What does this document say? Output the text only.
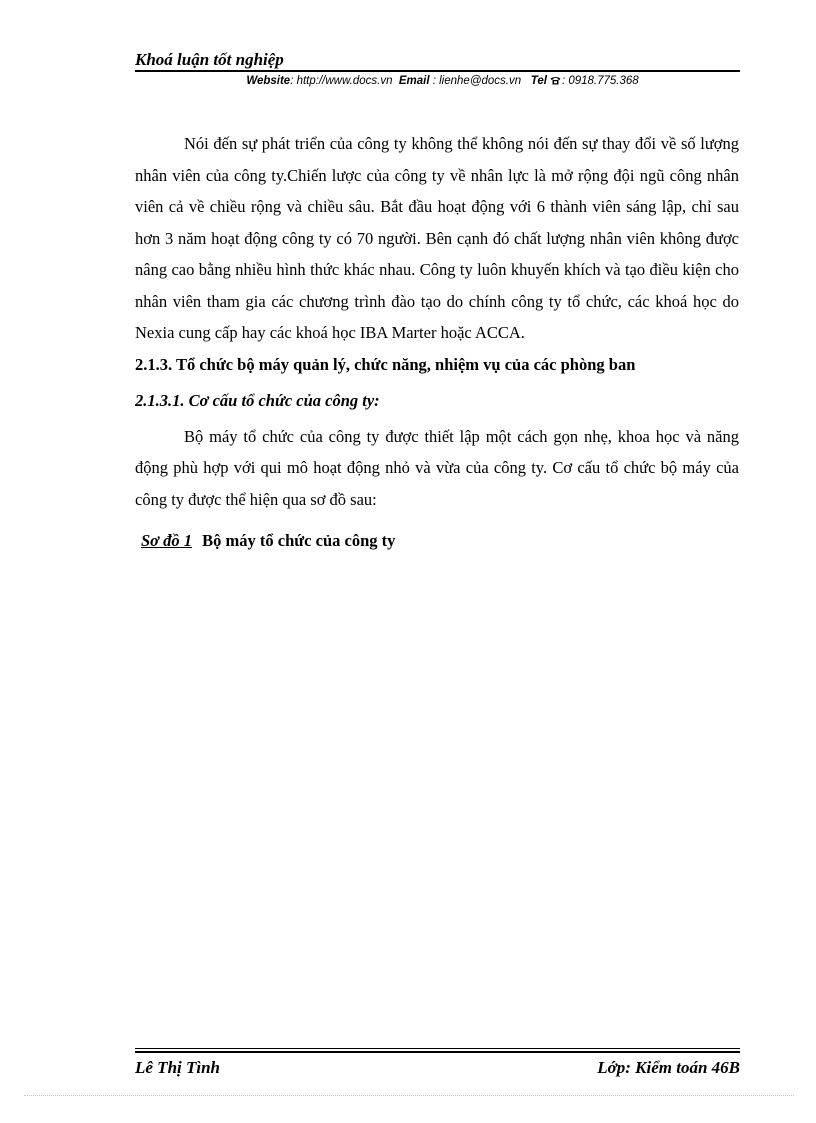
Khoá luận tốt nghiệp
Website: http://www.docs.vn Email : lienhe@docs.vn Tel : 0918.775.368

Nói đến sự phát triển của công ty không thể không nói đến sự thay đổi về số lượng nhân viên của công ty.Chiến lược của công ty về nhân lực là mở rộng đội ngũ công nhân viên cả về chiều rộng và chiều sâu. Bắt đầu hoạt động với 6 thành viên sáng lập, chỉ sau hơn 3 năm hoạt động công ty có 70 người. Bên cạnh đó chất lượng nhân viên không được nâng cao bằng nhiều hình thức khác nhau. Công ty luôn khuyến khích và tạo điều kiện cho nhân viên tham gia các chương trình đào tạo do chính công ty tổ chức, các khoá học do Nexia cung cấp hay các khoá học IBA Marter hoặc ACCA.

2.1.3. Tổ chức bộ máy quản lý, chức năng, nhiệm vụ của các phòng ban

2.1.3.1. Cơ cấu tổ chức của công ty:

Bộ máy tổ chức của công ty được thiết lập một cách gọn nhẹ, khoa học và năng động phù hợp với qui mô hoạt động nhỏ và vừa của công ty. Cơ cấu tổ chức bộ máy của công ty được thể hiện qua sơ đồ sau:

Sơ đồ 1 Bộ máy tổ chức của công ty
Lê Thị Tình	Lớp: Kiểm toán 46B
